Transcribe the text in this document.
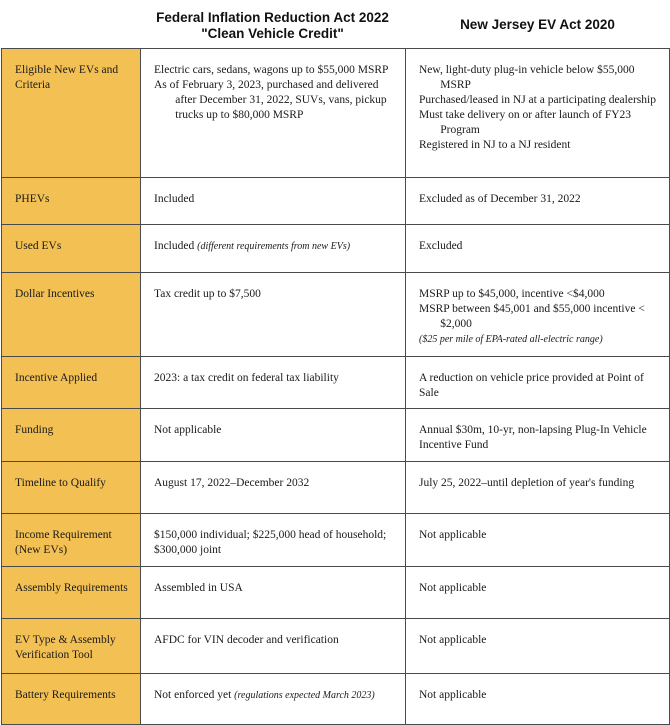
Federal Inflation Reduction Act 2022
"Clean Vehicle Credit"
New Jersey EV Act 2020
Eligible New EVs and Criteria	Electric cars, sedans, wagons up to $55,000 MSRP
As of February 3, 2023, purchased and delivered after December 31, 2022, SUVs, vans, pickup trucks up to $80,000 MSRP	New, light-duty plug-in vehicle below $55,000 MSRP
Purchased/leased in NJ at a participating dealership
Must take delivery on or after launch of FY23 Program
Registered in NJ to a NJ resident

PHEVs	Included	Excluded as of December 31, 2022
Used EVs	Included (different requirements from new EVs)	Excluded
Dollar Incentives	Tax credit up to $7,500	MSRP up to $45,000, incentive <$4,000
MSRP between $45,001 and $55,000 incentive < $2,000
($25 per mile of EPA-rated all-electric range)

Incentive Applied	2023: a tax credit on federal tax liability	A reduction on vehicle price provided at Point of Sale
Funding	Not applicable	Annual $30m, 10-yr, non-lapsing Plug-In Vehicle Incentive Fund
Timeline to Qualify	August 17, 2022–December 2032	July 25, 2022–until depletion of year's funding
Income Requirement (New EVs)	$150,000 individual; $225,000 head of household; $300,000 joint	Not applicable
Assembly Requirements	Assembled in USA	Not applicable
EV Type & Assembly Verification Tool	AFDC for VIN decoder and verification	Not applicable
Battery Requirements	Not enforced yet (regulations expected March 2023)	Not applicable
